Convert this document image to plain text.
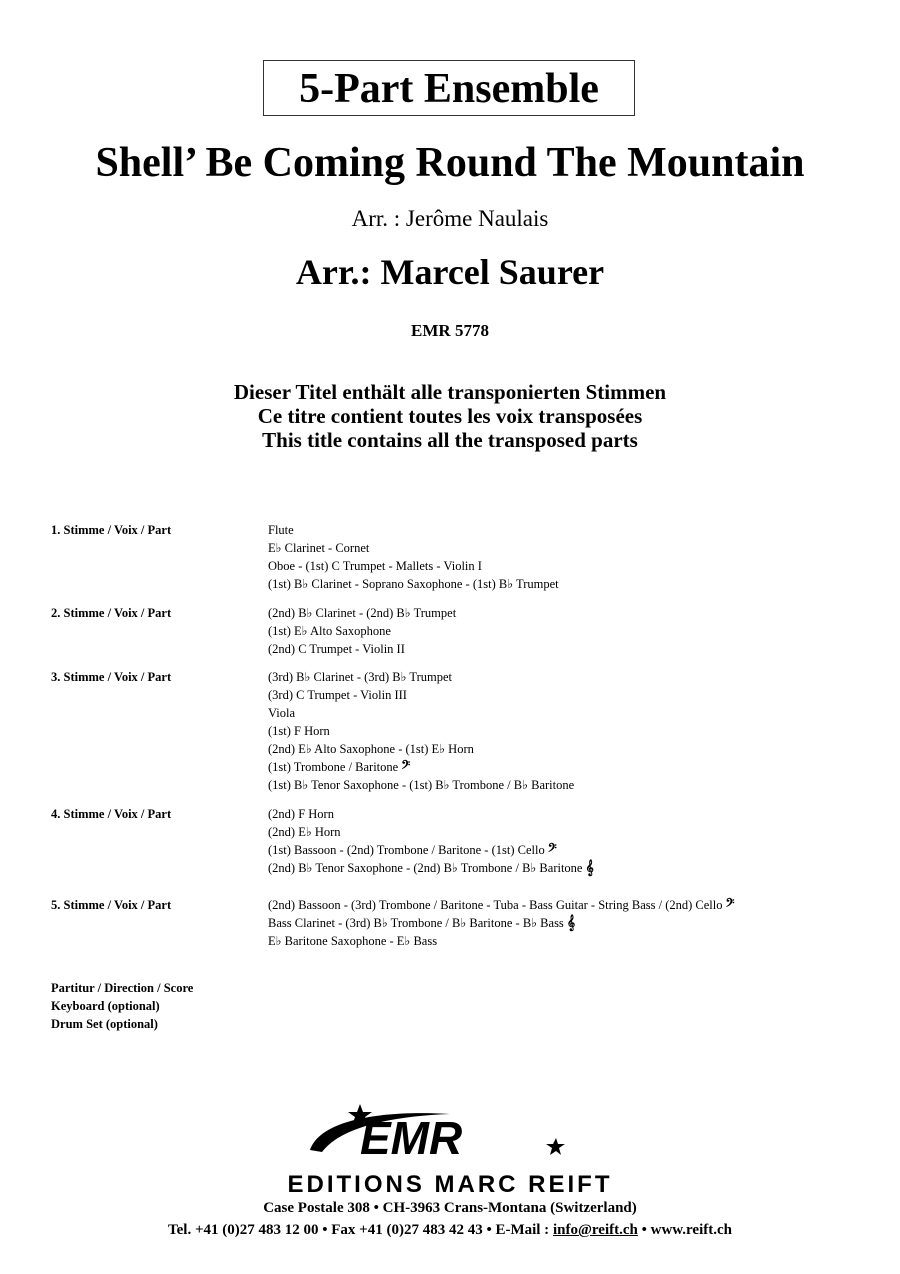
5-Part Ensemble
Shell’ Be Coming Round The Mountain
Arr. : Jerôme Naulais
Arr.: Marcel Saurer
EMR 5778
Dieser Titel enthält alle transponierten Stimmen
Ce titre contient toutes les voix transposées
This title contains all the transposed parts
1. Stimme / Voix / Part	Flute
E♭ Clarinet - Cornet
Oboe - (1st) C Trumpet - Mallets - Violin I
(1st) B♭ Clarinet - Soprano Saxophone - (1st) B♭ Trumpet
2. Stimme / Voix / Part	(2nd) B♭ Clarinet - (2nd) B♭ Trumpet
(1st) E♭ Alto Saxophone
(2nd) C Trumpet - Violin II
3. Stimme / Voix / Part	(3rd) B♭ Clarinet - (3rd) B♭ Trumpet
(3rd) C Trumpet - Violin III
Viola
(1st) F Horn
(2nd) E♭ Alto Saxophone - (1st) E♭ Horn
(1st) Trombone / Baritone 𝄢
(1st) B♭ Tenor Saxophone - (1st) B♭ Trombone / B♭ Baritone
4. Stimme / Voix / Part	(2nd) F Horn
(2nd) E♭ Horn
(1st) Bassoon - (2nd) Trombone / Baritone - (1st) Cello 𝄢
(2nd) B♭ Tenor Saxophone - (2nd) B♭ Trombone / B♭ Baritone 𝄞
5. Stimme / Voix / Part	(2nd) Bassoon - (3rd) Trombone / Baritone - Tuba - Bass Guitar - String Bass / (2nd) Cello 𝄢
Bass Clarinet - (3rd) B♭ Trombone / B♭ Baritone - B♭ Bass 𝄞
E♭ Baritone Saxophone - E♭ Bass
Partitur / Direction / Score
Keyboard (optional)
Drum Set (optional)
EMR
EDITIONS MARC REIFT
Case Postale 308 • CH-3963 Crans-Montana (Switzerland)
Tel. +41 (0)27 483 12 00 • Fax +41 (0)27 483 42 43 • E-Mail : info@reift.ch • www.reift.ch
